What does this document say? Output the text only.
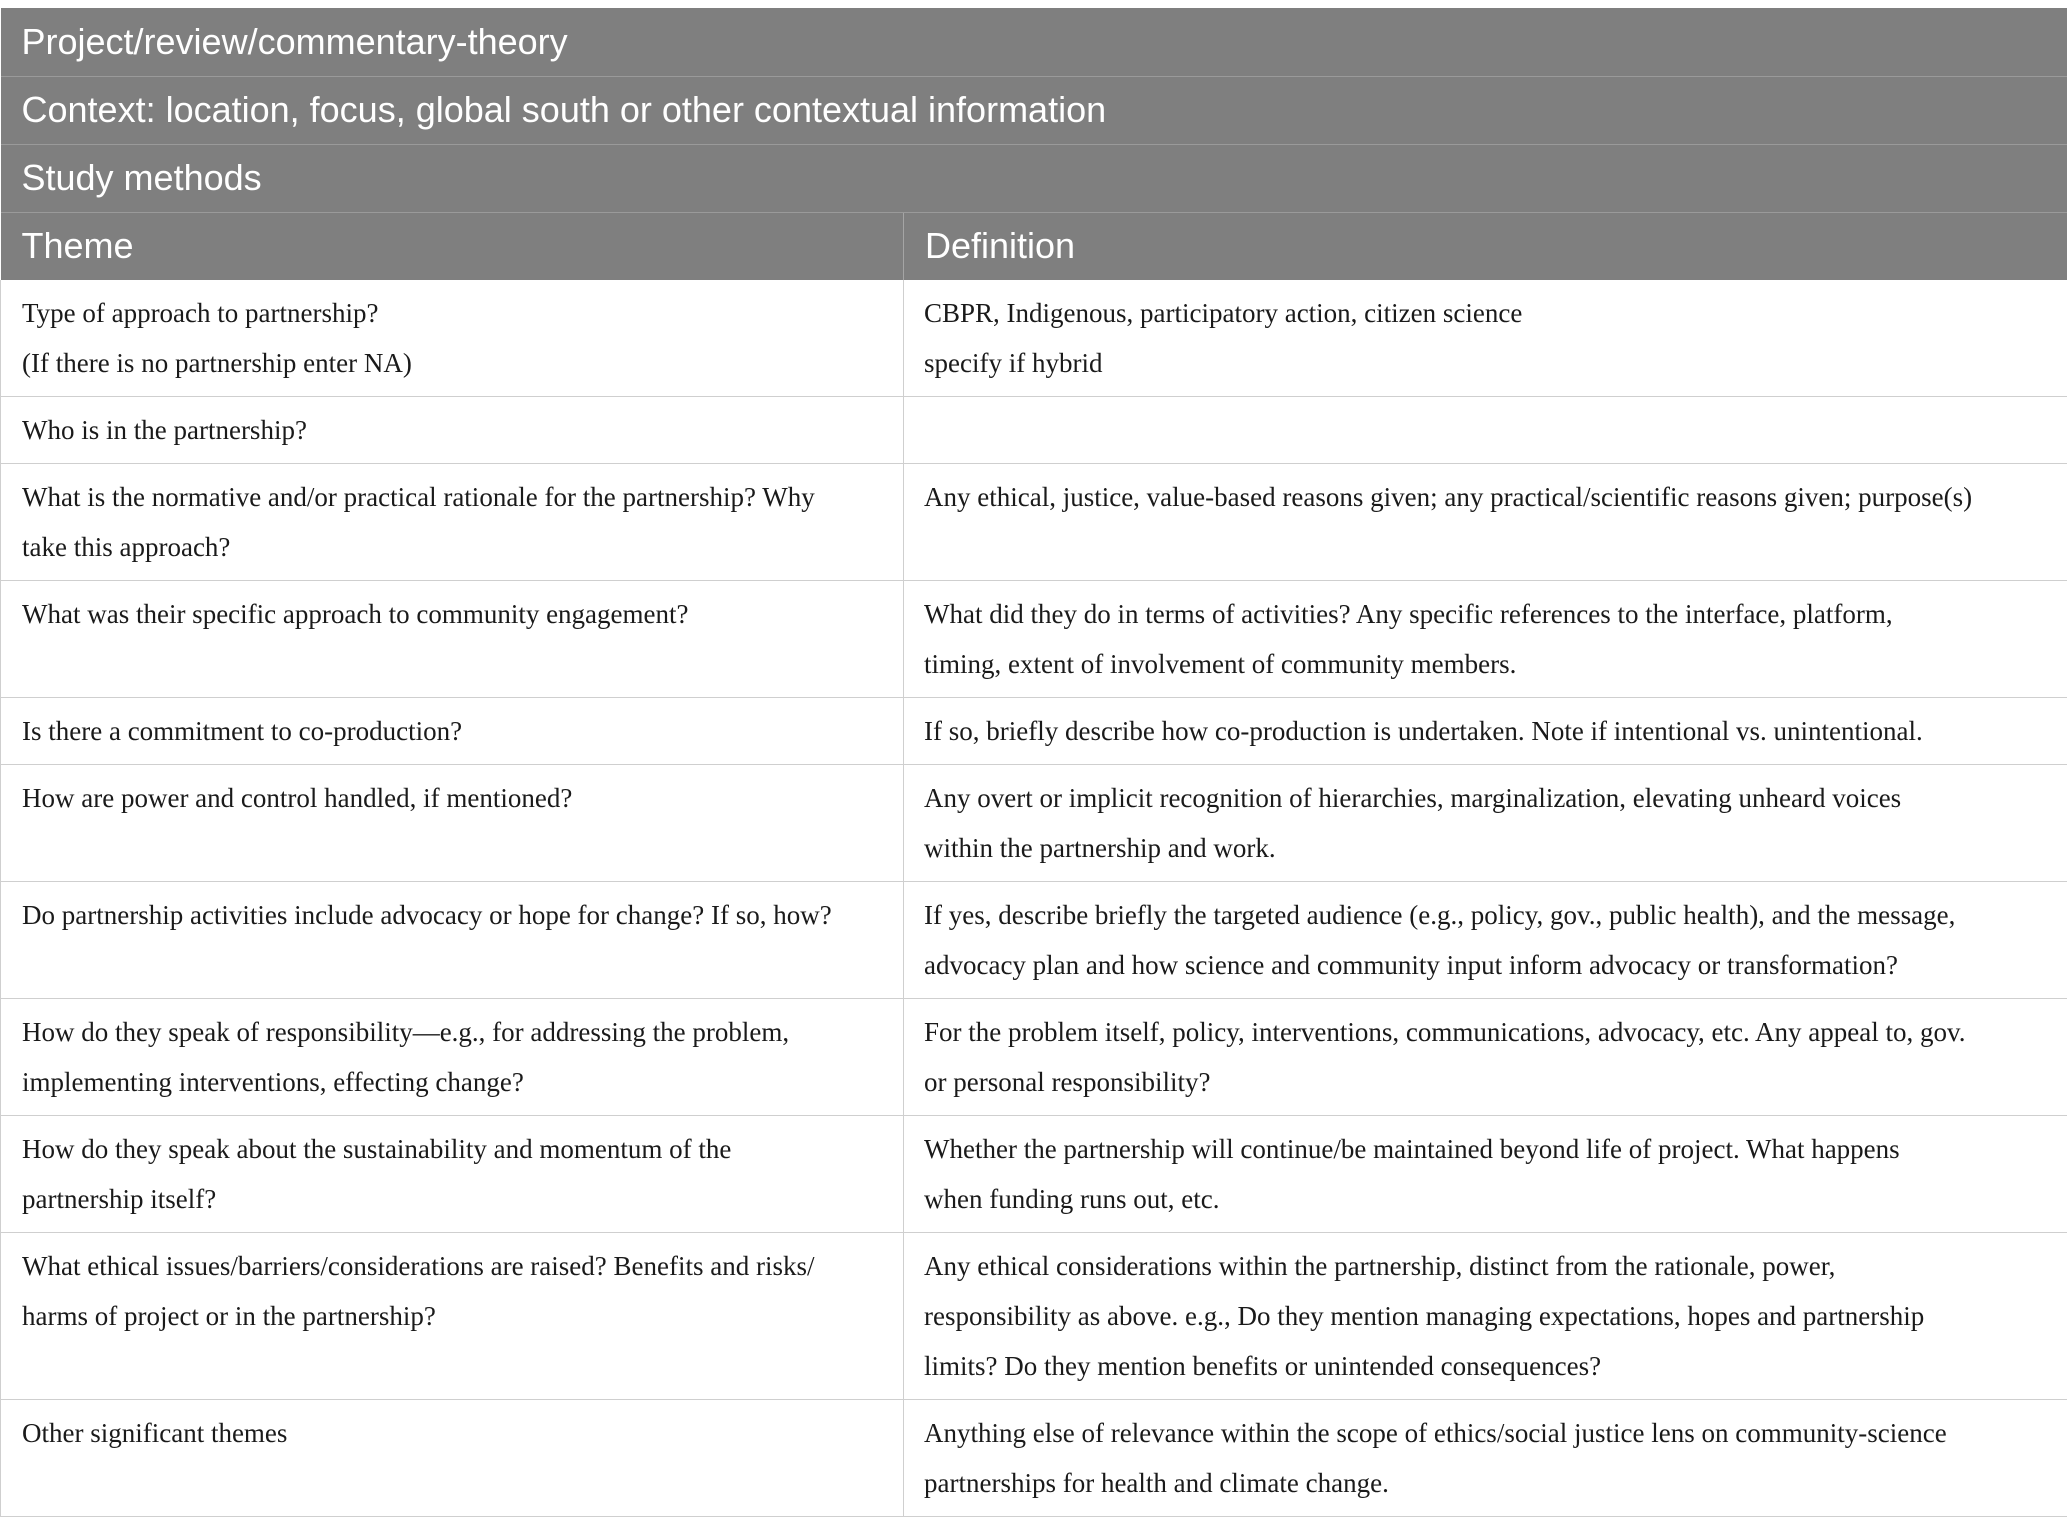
Project/review/commentary-theory	
Context: location, focus, global south or other contextual information	
Study methods	
Theme	Definition

Type of approach to partnership?
(If there is no partnership enter NA)	CBPR, Indigenous, participatory action, citizen science
specify if hybrid

Who is in the partnership?	

What is the normative and/or practical rationale for the partnership? Why
take this approach?	Any ethical, justice, value-based reasons given; any practical/scientific reasons given; purpose(s)

What was their specific approach to community engagement?	What did they do in terms of activities? Any specific references to the interface, platform,
timing, extent of involvement of community members.

Is there a commitment to co-production?	If so, briefly describe how co-production is undertaken. Note if intentional vs. unintentional.

How are power and control handled, if mentioned?	Any overt or implicit recognition of hierarchies, marginalization, elevating unheard voices
within the partnership and work.

Do partnership activities include advocacy or hope for change? If so, how?	If yes, describe briefly the targeted audience (e.g., policy, gov., public health), and the message,
advocacy plan and how science and community input inform advocacy or transformation?

How do they speak of responsibility—e.g., for addressing the problem,
implementing interventions, effecting change?	For the problem itself, policy, interventions, communications, advocacy, etc. Any appeal to, gov.
or personal responsibility?

How do they speak about the sustainability and momentum of the
partnership itself?	Whether the partnership will continue/be maintained beyond life of project. What happens
when funding runs out, etc.

What ethical issues/barriers/considerations are raised? Benefits and risks/
harms of project or in the partnership?	Any ethical considerations within the partnership, distinct from the rationale, power,
responsibility as above. e.g., Do they mention managing expectations, hopes and partnership
limits? Do they mention benefits or unintended consequences?

Other significant themes	Anything else of relevance within the scope of ethics/social justice lens on community-science
partnerships for health and climate change.
